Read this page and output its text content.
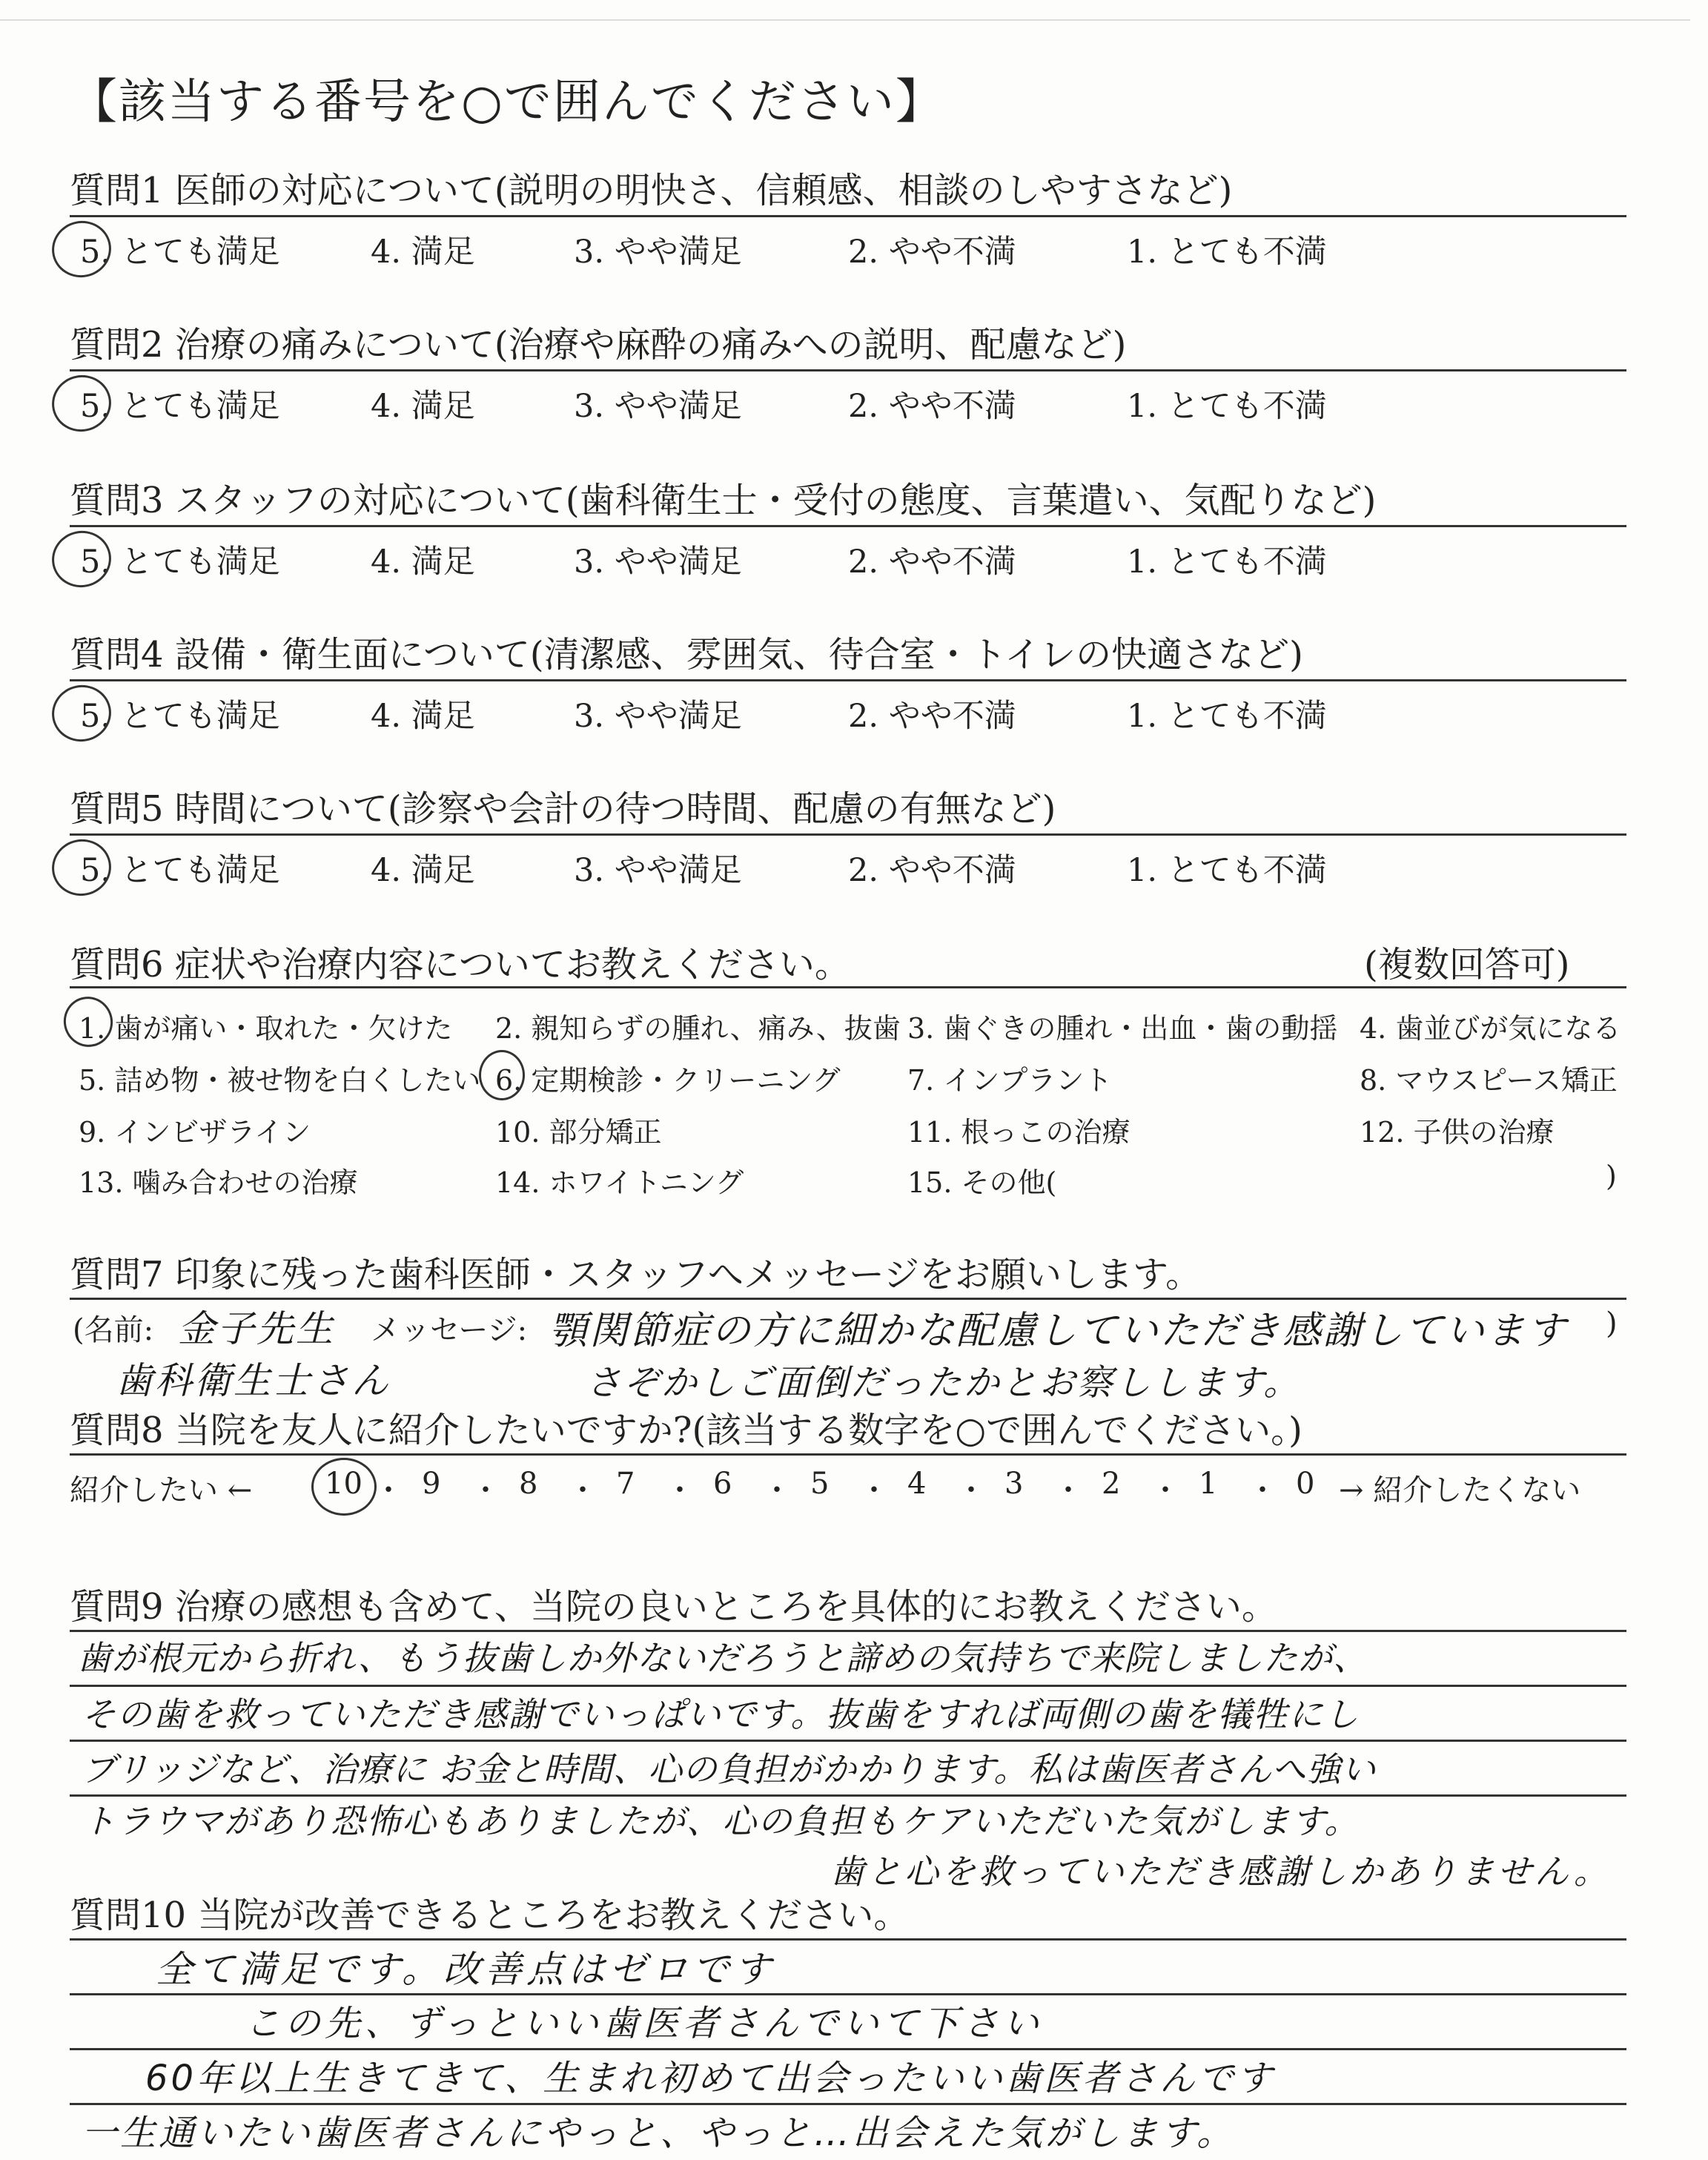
【該当する番号を○で囲んでください】
質問1 医師の対応について(説明の明快さ、信頼感、相談のしやすさなど)
5. とても満足	4. 満足	3. やや満足	2. やや不満	1. とても不満
質問2 治療の痛みについて(治療や麻酔の痛みへの説明、配慮など)
5. とても満足	4. 満足	3. やや満足	2. やや不満	1. とても不満
質問3 スタッフの対応について(歯科衛生士・受付の態度、言葉遣い、気配りなど)
5. とても満足	4. 満足	3. やや満足	2. やや不満	1. とても不満
質問4 設備・衛生面について(清潔感、雰囲気、待合室・トイレの快適さなど)
5. とても満足	4. 満足	3. やや満足	2. やや不満	1. とても不満
質問5 時間について(診察や会計の待つ時間、配慮の有無など)
5. とても満足	4. 満足	3. やや満足	2. やや不満	1. とても不満
質問6 症状や治療内容についてお教えください。	(複数回答可)
1. 歯が痛い・取れた・欠けた 2. 親知らずの腫れ、痛み、抜歯 3. 歯ぐきの腫れ・出血・歯の動揺 4. 歯並びが気になる
5. 詰め物・被せ物を白くしたい 6. 定期検診・クリーニング 7. インプラント	8. マウスピース矯正
9. インビザライン	10. 部分矯正	11. 根っこの治療	12. 子供の治療
13. 噛み合わせの治療	14. ホワイトニング	15. その他(	)
質問7 印象に残った歯科医師・スタッフへメッセージをお願いします。
(名前: 金子先生
歯科衛生士さん
メッセージ: 顎関節症の方に細かな配慮していただき感謝しています
さぞかしご面倒だったかとお察しします。
)
質問8 当院を友人に紹介したいですか?(該当する数字を○で囲んでください。)
紹介したい ← 10 ・ 9 ・ 8 ・ 7 ・ 6 ・ 5 ・ 4 ・ 3 ・ 2 ・ 1 ・ 0 → 紹介したくない
質問9 治療の感想も含めて、当院の良いところを具体的にお教えください。
歯が根元から折れ、もう抜歯しか外ないだろうと諦めの気持ちで来院しましたが、
その歯を救っていただき感謝でいっぱいです。抜歯をすれば両側の歯を犠牲にし
ブリッジなど、治療に お金と時間、心の負担がかかります。私は歯医者さんへ強い
トラウマがあり恐怖心もありましたが、心の負担もケアいただいた気がします。
歯と心を救っていただき感謝しかありません。
質問10 当院が改善できるところをお教えください。
全て満足です。改善点はゼロです
この先、ずっといい歯医者さんでいて下さい
60年以上生きてきて、生まれ初めて出会ったいい歯医者さんです
一生通いたい歯医者さんにやっと、やっと…出会えた気がします。
